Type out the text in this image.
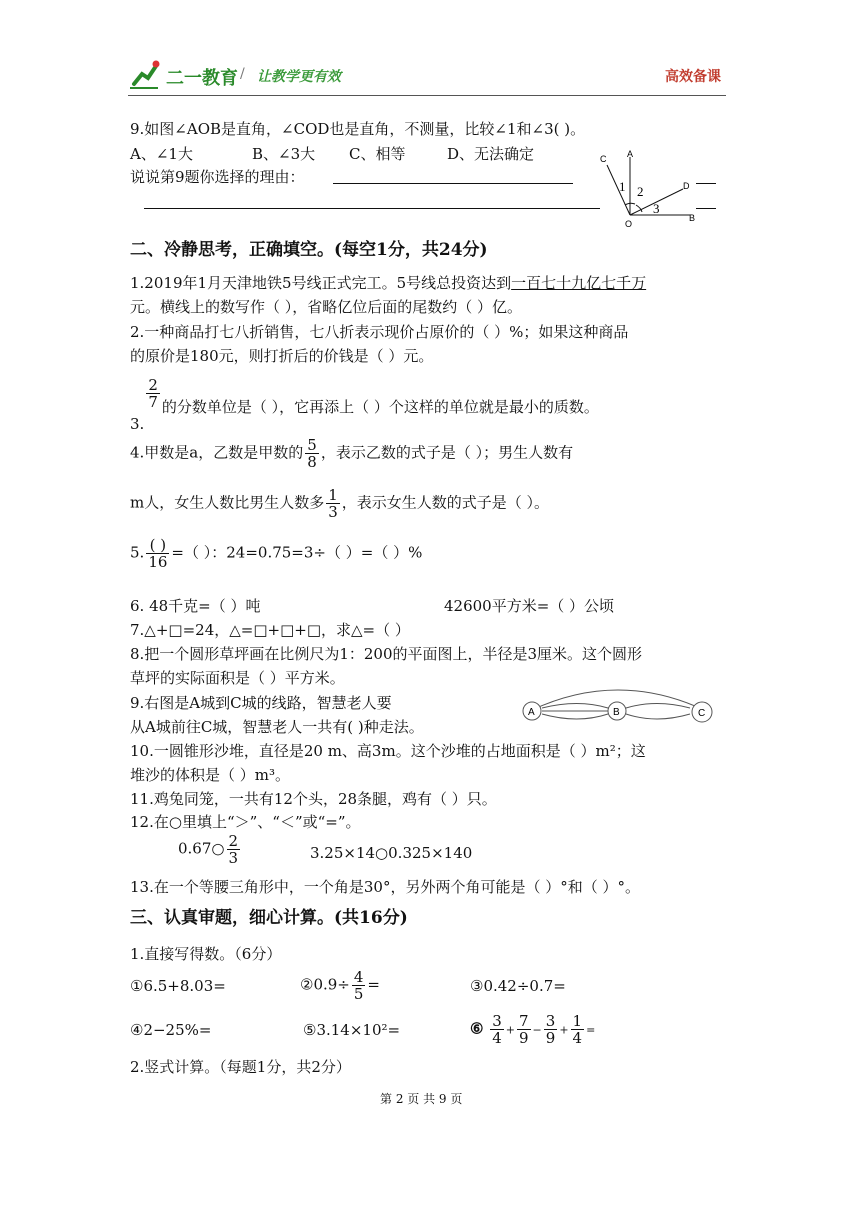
二一教育 / 让教学更有效	高效备课
9.如图∠AOB是直角，∠COD也是直角，不测量，比较∠1和∠3( )。
A、∠1大	B、∠3大 C、相等	D、无法确定
说说第9题你选择的理由：
C A
D
O
B
1 2
3
二、冷静思考，正确填空。(每空1分，共24分)
1.2019年1月天津地铁5号线正式完工。5号线总投资达到一百七十九亿七千万
元。横线上的数写作（ ），省略亿位后面的尾数约（ ）亿。
2.一种商品打七八折销售，七八折表示现价占原价的（ ）%；如果这种商品
的原价是180元，则打折后的价钱是（ ）元。
3.
$\frac{2}{7}$ 的分数单位是（ ），它再添上（ ）个这样的单位就是最小的质数。
4.甲数是a，乙数是甲数的 $\frac{5}{8}$ ，表示乙数的式子是（ ）；男生人数有
m人，女生人数比男生人数多 $\frac{1}{3}$ ，表示女生人数的式子是（ ）。
5. $\frac{( )}{16}$ =（ ）：24=0.75=3÷（ ）=（ ）%
6. 48千克=（ ）吨	42600平方米=（ ）公顷
7.△+□=24，△=□+□+□，求△=（ ）
8.把一个圆形草坪画在比例尺为1：200的平面图上，半径是3厘米。这个圆形
草坪的实际面积是（ ）平方米。
9.右图是A城到C城的线路，智慧老人要
从A城前往C城，智慧老人一共有( )种走法。
A	B	C
10.一圆锥形沙堆，直径是20 m、高3m。这个沙堆的占地面积是（ ）m²；这
堆沙的体积是（ ）m³。
11.鸡兔同笼，一共有12个头，28条腿，鸡有（ ）只。
12.在○里填上“＞”、“＜”或“=”。
0.67○ $\frac{2}{3}$	3.25×14○0.325×140
13.在一个等腰三角形中，一个角是30°，另外两个角可能是（ ）°和（ ）°。
三、认真审题，细心计算。(共16分)
1.直接写得数。（6分）
①6.5+8.03=	②0.9÷ $\frac{4}{5}$ =	③0.42÷0.7=
④2−25%=	⑤3.14×10²=	⑥ $\frac{3}{4} + \frac{7}{9} - \frac{3}{9} + \frac{1}{4}$ =
2.竖式计算。（每题1分，共2分）
第 2 页 共 9 页
